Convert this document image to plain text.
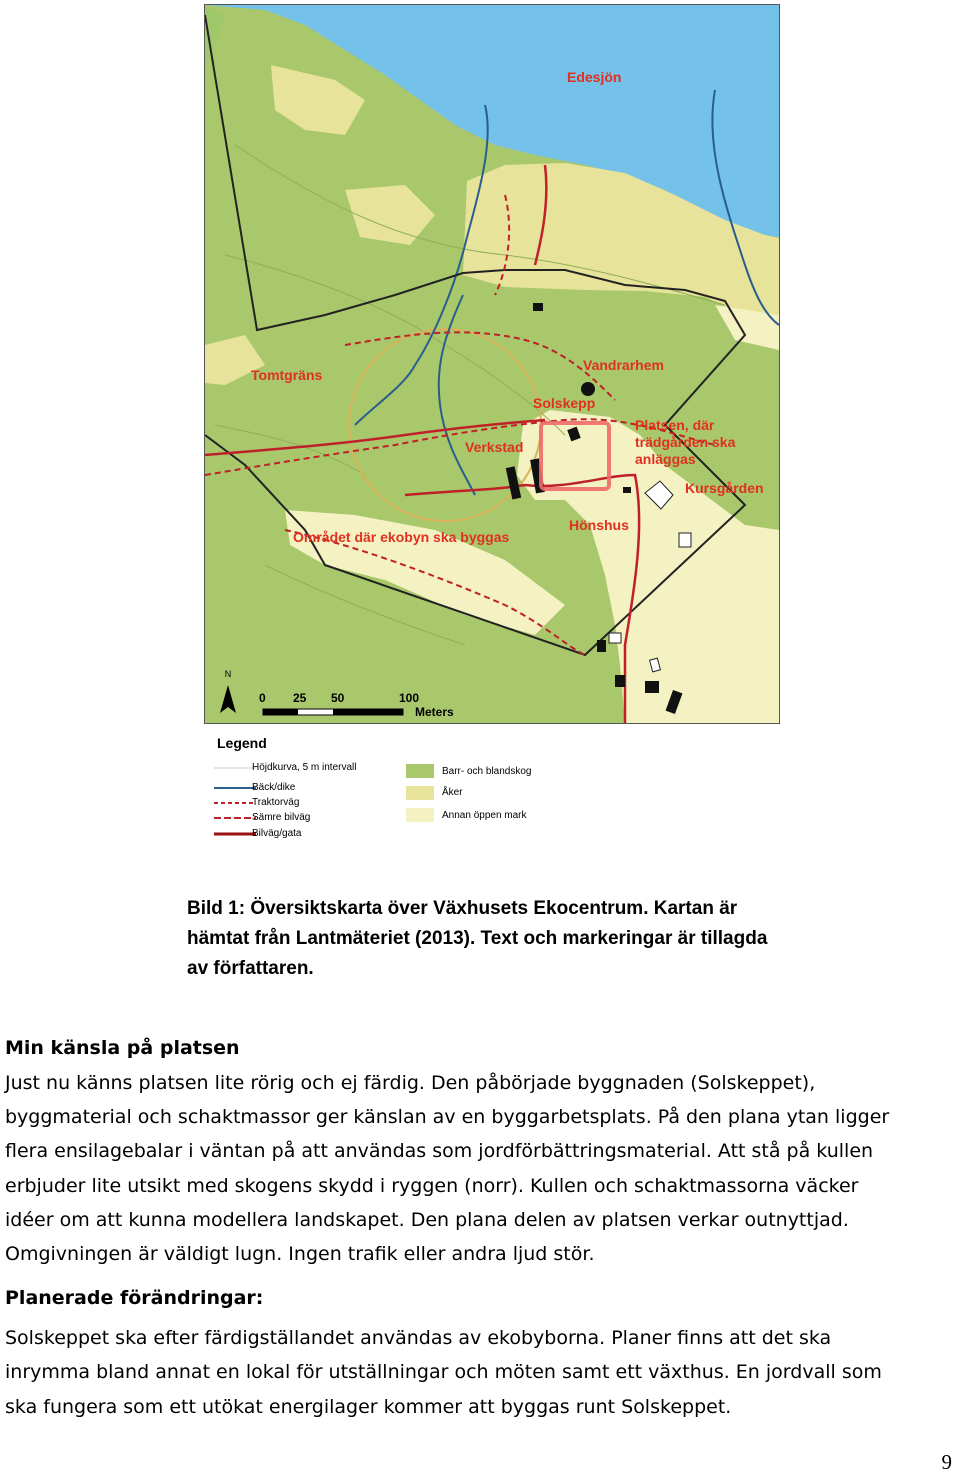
Edesjön
Tomtgräns
Vandrarhem
Solskepp
Verkstad
Platsen, där
trädgården ska
anläggas
Kursgården
Hönshus
Området där ekobyn ska byggas
N
0 25 50	100
Meters
Legend
Höjdkurva, 5 m intervall
Bäck/dike
Traktorväg
Sämre bilväg
Bilväg/gata
Barr- och blandskog
Åker
Annan öppen mark
Bild 1: Översiktskarta över Växhusets Ekocentrum. Kartan är hämtat från Lantmäteriet (2013). Text och markeringar är tillagda av författaren.
Min känsla på platsen
Just nu känns platsen lite rörig och ej färdig. Den påbörjade byggnaden (Solskeppet),
byggmaterial och schaktmassor ger känslan av en byggarbetsplats. På den plana ytan ligger
flera ensilagebalar i väntan på att användas som jordförbättringsmaterial. Att stå på kullen
erbjuder lite utsikt med skogens skydd i ryggen (norr). Kullen och schaktmassorna väcker
idéer om att kunna modellera landskapet. Den plana delen av platsen verkar outnyttjad.
Omgivningen är väldigt lugn. Ingen trafik eller andra ljud stör.
Planerade förändringar:
Solskeppet ska efter färdigställandet användas av ekobyborna. Planer finns att det ska
inrymma bland annat en lokal för utställningar och möten samt ett växthus. En jordvall som
ska fungera som ett utökat energilager kommer att byggas runt Solskeppet.
9
